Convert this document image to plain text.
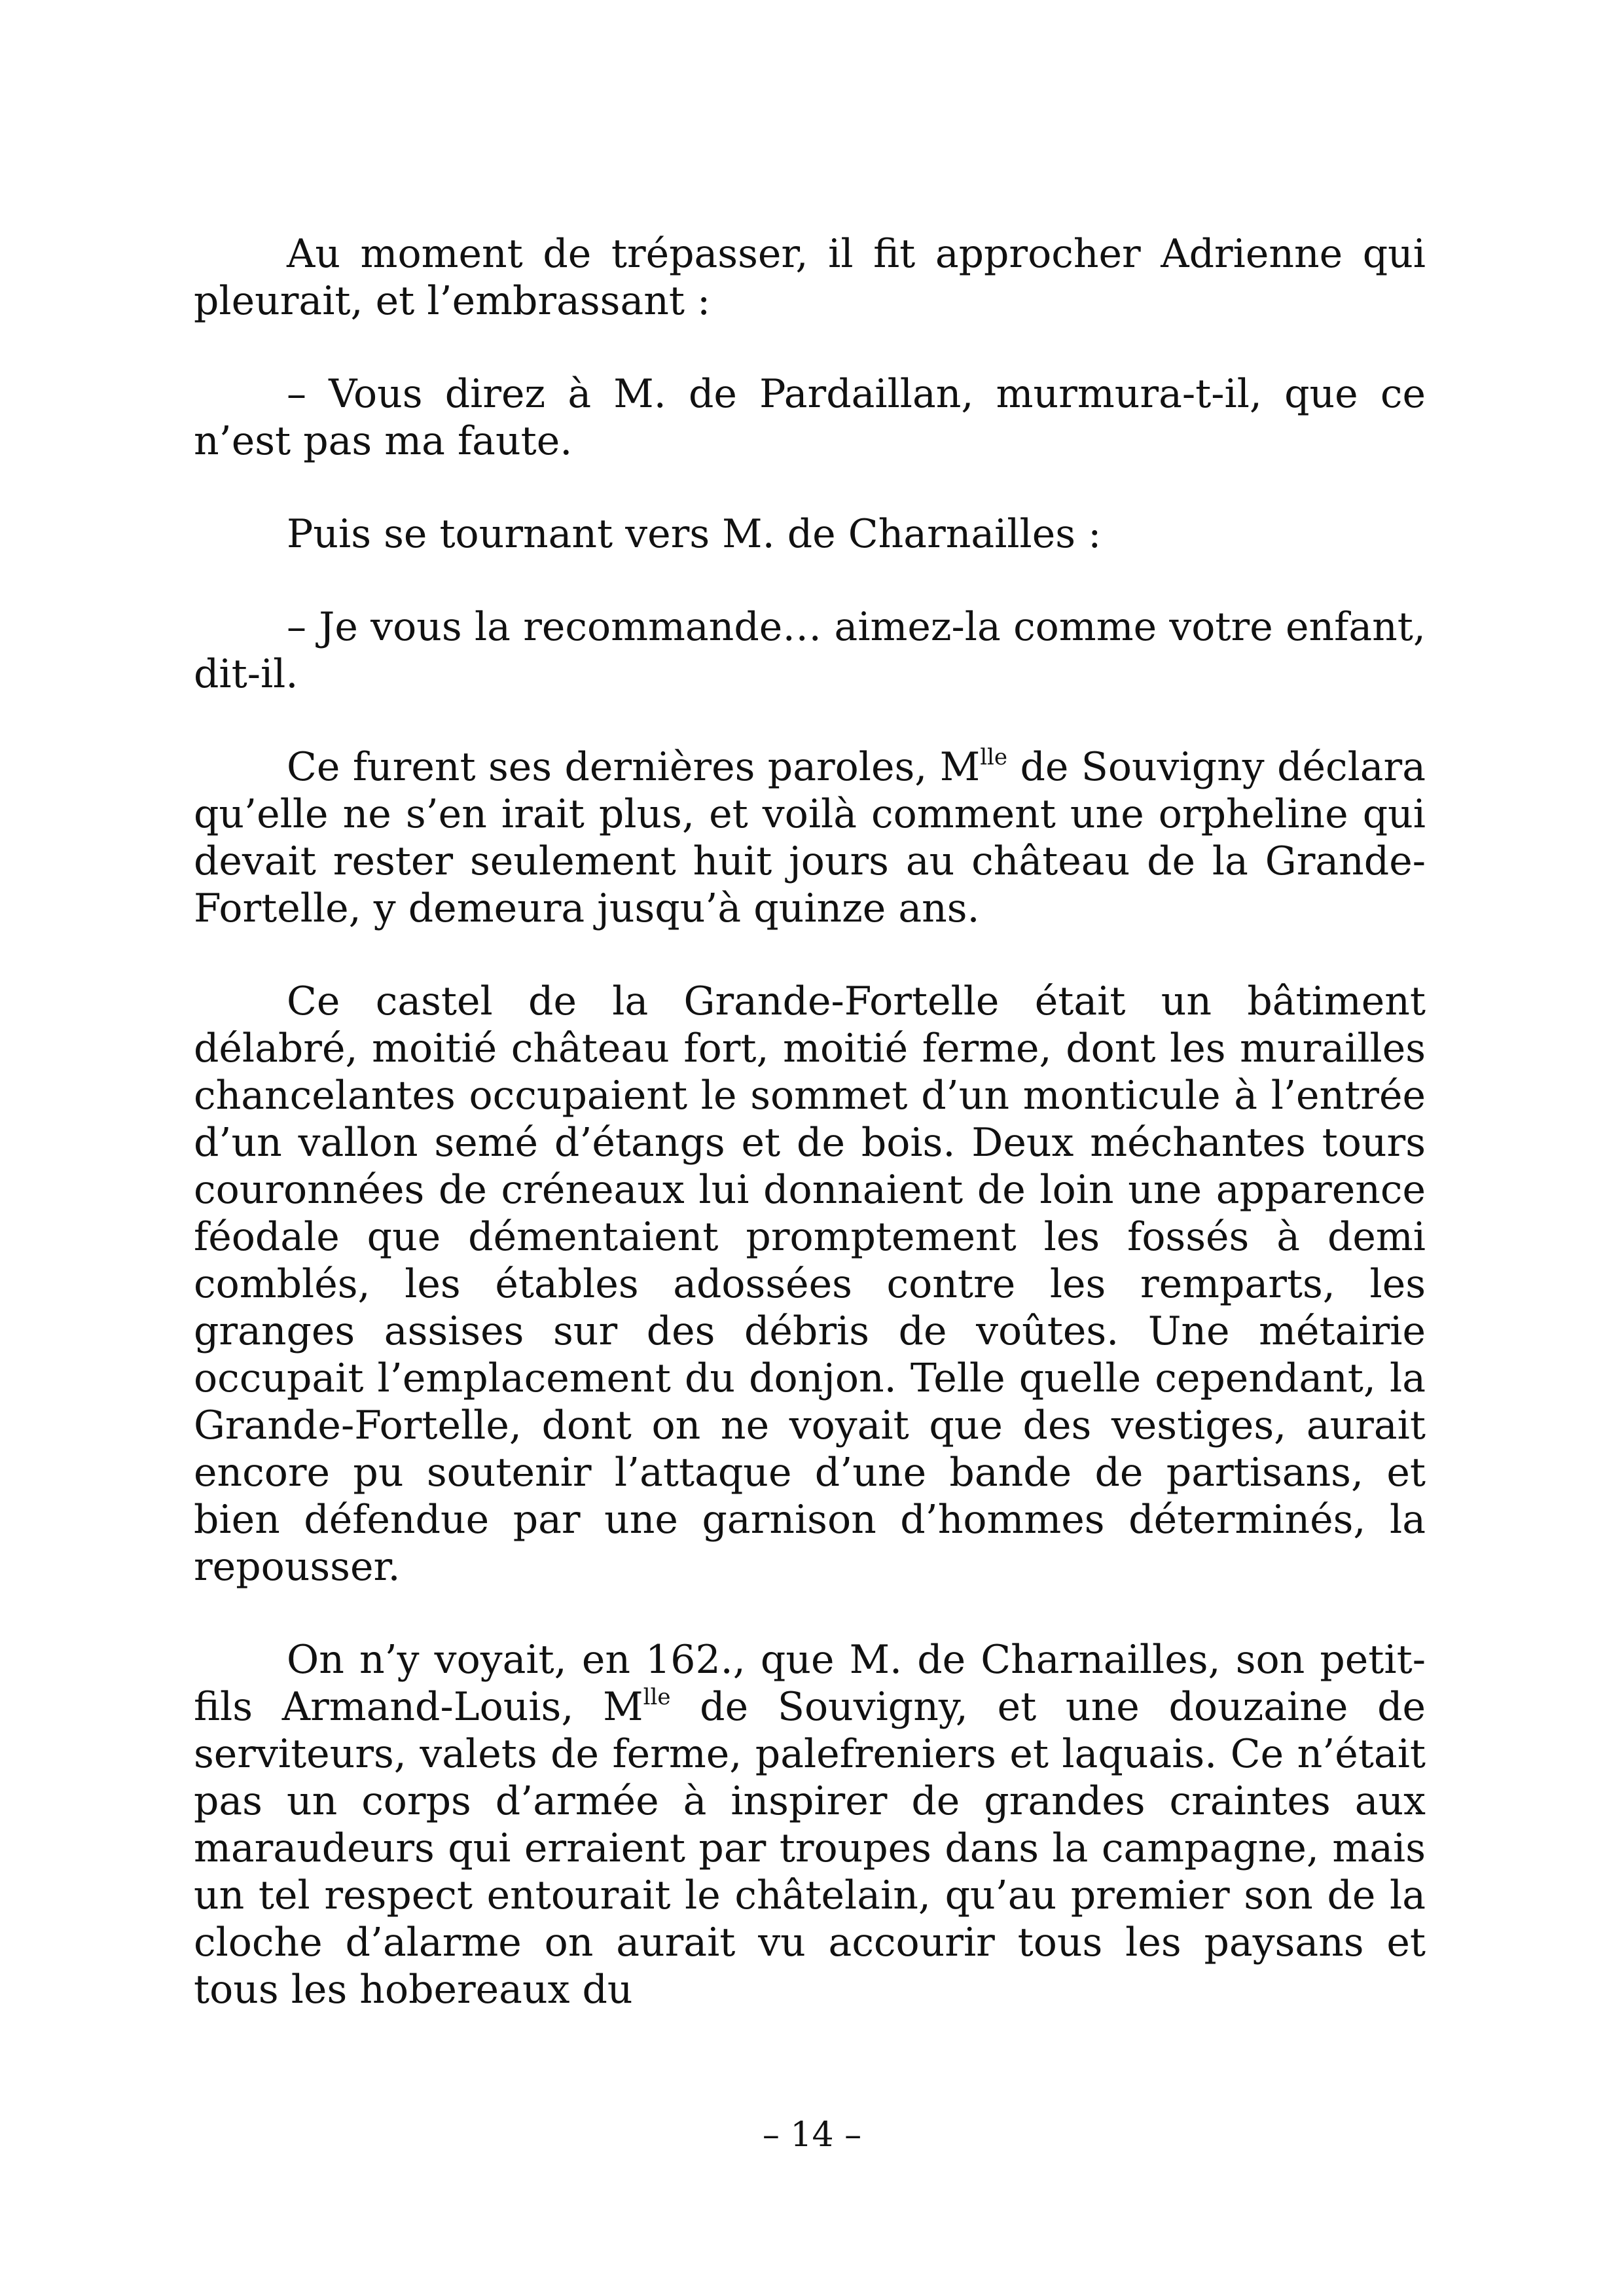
Au moment de trépasser, il fit approcher Adrienne qui pleurait, et l’embrassant :

– Vous direz à M. de Pardaillan, murmura-t-il, que ce n’est pas ma faute.

Puis se tournant vers M. de Charnailles :

– Je vous la recommande… aimez-la comme votre enfant, dit-il.

Ce furent ses dernières paroles, $M^{lle}$ de Souvigny déclara qu’elle ne s’en irait plus, et voilà comment une orpheline qui devait rester seulement huit jours au château de la Grande-Fortelle, y demeura jusqu’à quinze ans.

Ce castel de la Grande-Fortelle était un bâtiment délabré, moitié château fort, moitié ferme, dont les murailles chancelantes occupaient le sommet d’un monticule à l’entrée d’un vallon semé d’étangs et de bois. Deux méchantes tours couronnées de créneaux lui donnaient de loin une apparence féodale que démentaient promptement les fossés à demi comblés, les étables adossées contre les remparts, les granges assises sur des débris de voûtes. Une métairie occupait l’emplacement du donjon. Telle quelle cependant, la Grande-Fortelle, dont on ne voyait que des vestiges, aurait encore pu soutenir l’attaque d’une bande de partisans, et bien défendue par une garnison d’hommes déterminés, la repousser.

On n’y voyait, en 162., que M. de Charnailles, son petit-fils Armand-Louis, $M^{lle}$ de Souvigny, et une douzaine de serviteurs, valets de ferme, palefreniers et laquais. Ce n’était pas un corps d’armée à inspirer de grandes craintes aux maraudeurs qui erraient par troupes dans la campagne, mais un tel respect entourait le châtelain, qu’au premier son de la cloche d’alarme on aurait vu accourir tous les paysans et tous les hobereaux du

– 14 –
